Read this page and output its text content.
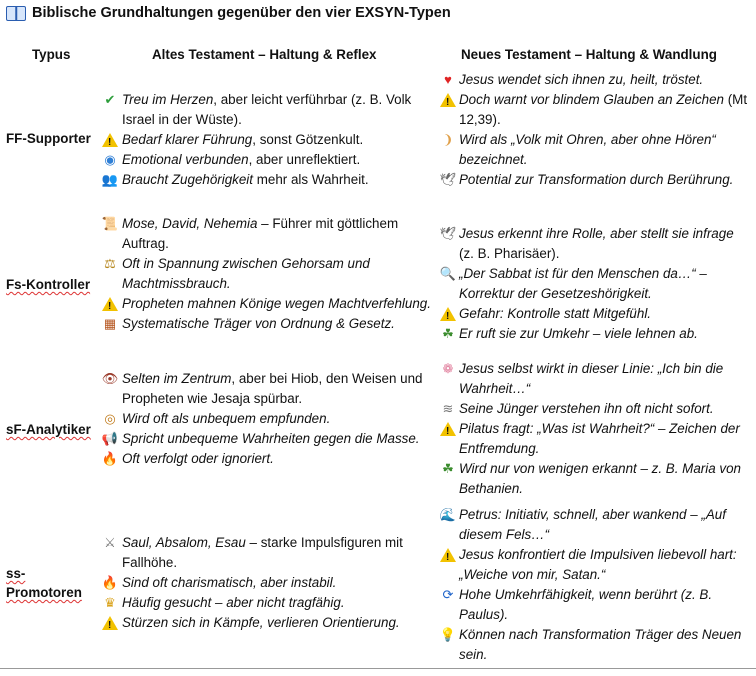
Biblische Grundhaltungen gegenüber den vier EXSYN-Typen
Typus	Altes Testament – Haltung & Reflex	Neues Testament – Haltung & Wandlung
FF-Supporter
✔ Treu im Herzen, aber leicht verführbar (z. B. Volk Israel in der Wüste).
!
Bedarf klarer Führung, sonst Götzenkult.
◉ Emotional verbunden, aber unreflektiert.
👥 Braucht Zugehörigkeit mehr als Wahrheit.
♥ Jesus wendet sich ihnen zu, heilt, tröstet.
!
Doch warnt vor blindem Glauben an Zeichen (Mt 12,39).
❩ Wird als „Volk mit Ohren, aber ohne Hören“ bezeichnet.
🕊 Potential zur Transformation durch Berührung.
Fs-Kontroller
📜 Mose, David, Nehemia – Führer mit göttlichem Auftrag.
⚖ Oft in Spannung zwischen Gehorsam und Machtmissbrauch.
!
Propheten mahnen Könige wegen Machtverfehlung.
▦ Systematische Träger von Ordnung & Gesetz.
🕊 Jesus erkennt ihre Rolle, aber stellt sie infrage (z. B. Pharisäer).
🔍 „Der Sabbat ist für den Menschen da…“ – Korrektur der Gesetzeshörigkeit.
!
Gefahr: Kontrolle statt Mitgefühl.
☘ Er ruft sie zur Umkehr – viele lehnen ab.
sF-Analytiker
👁 Selten im Zentrum, aber bei Hiob, den Weisen und Propheten wie Jesaja spürbar.
◎ Wird oft als unbequem empfunden.
📢 Spricht unbequeme Wahrheiten gegen die Masse.
🔥 Oft verfolgt oder ignoriert.
❁ Jesus selbst wirkt in dieser Linie: „Ich bin die Wahrheit…“
≋ Seine Jünger verstehen ihn oft nicht sofort.
!
Pilatus fragt: „Was ist Wahrheit?“ – Zeichen der Entfremdung.
☘ Wird nur von wenigen erkannt – z. B. Maria von Bethanien.
ss-Promotoren
⚔ Saul, Absalom, Esau – starke Impulsfiguren mit Fallhöhe.
🔥 Sind oft charismatisch, aber instabil.
♛ Häufig gesucht – aber nicht tragfähig.
!
Stürzen sich in Kämpfe, verlieren Orientierung.
🌊 Petrus: Initiativ, schnell, aber wankend – „Auf diesem Fels…“
!
Jesus konfrontiert die Impulsiven liebevoll hart: „Weiche von mir, Satan.“
⟳ Hohe Umkehrfähigkeit, wenn berührt (z. B. Paulus).
💡 Können nach Transformation Träger des Neuen sein.
